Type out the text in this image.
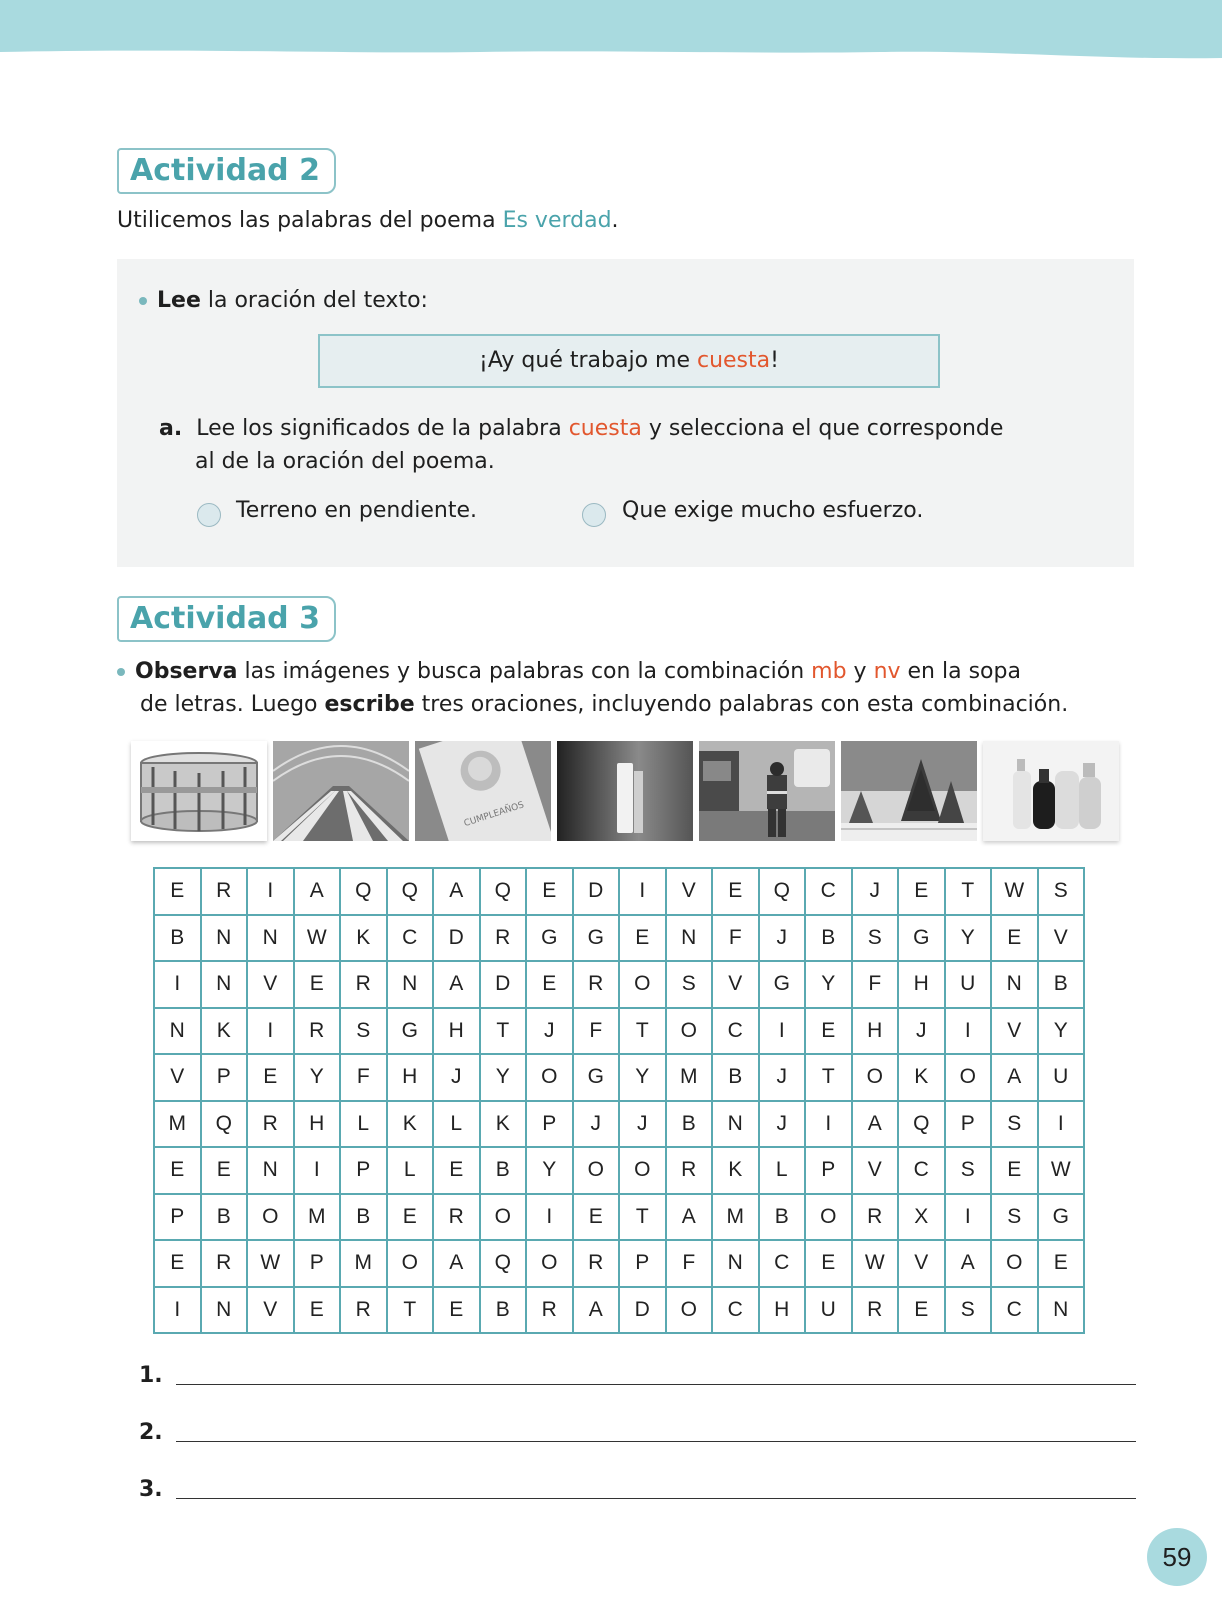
Actividad 2
Utilicemos las palabras del poema Es verdad.
Lee la oración del texto:
¡Ay qué trabajo me cuesta!
a. Lee los significados de la palabra cuesta y selecciona el que corresponde
al de la oración del poema.
Terreno en pendiente.	Que exige mucho esfuerzo.
Actividad 3
Observa las imágenes y busca palabras con la combinación mb y nv en la sopa
de letras. Luego escribe tres oraciones, incluyendo palabras con esta combinación.
CUMPLEAÑOS
E	R	I	A	Q	Q	A	Q	E	D	I	V	E	Q	C	J	E	T	W	S
B	N	N	W	K	C	D	R	G	G	E	N	F	J	B	S	G	Y	E	V
I	N	V	E	R	N	A	D	E	R	O	S	V	G	Y	F	H	U	N	B
N	K	I	R	S	G	H	T	J	F	T	O	C	I	E	H	J	I	V	Y
V	P	E	Y	F	H	J	Y	O	G	Y	M	B	J	T	O	K	O	A	U
M	Q	R	H	L	K	L	K	P	J	J	B	N	J	I	A	Q	P	S	I
E	E	N	I	P	L	E	B	Y	O	O	R	K	L	P	V	C	S	E	W
P	B	O	M	B	E	R	O	I	E	T	A	M	B	O	R	X	I	S	G
E	R	W	P	M	O	A	Q	O	R	P	F	N	C	E	W	V	A	O	E
I	N	V	E	R	T	E	B	R	A	D	O	C	H	U	R	E	S	C	N
1.
2.
3.
59
